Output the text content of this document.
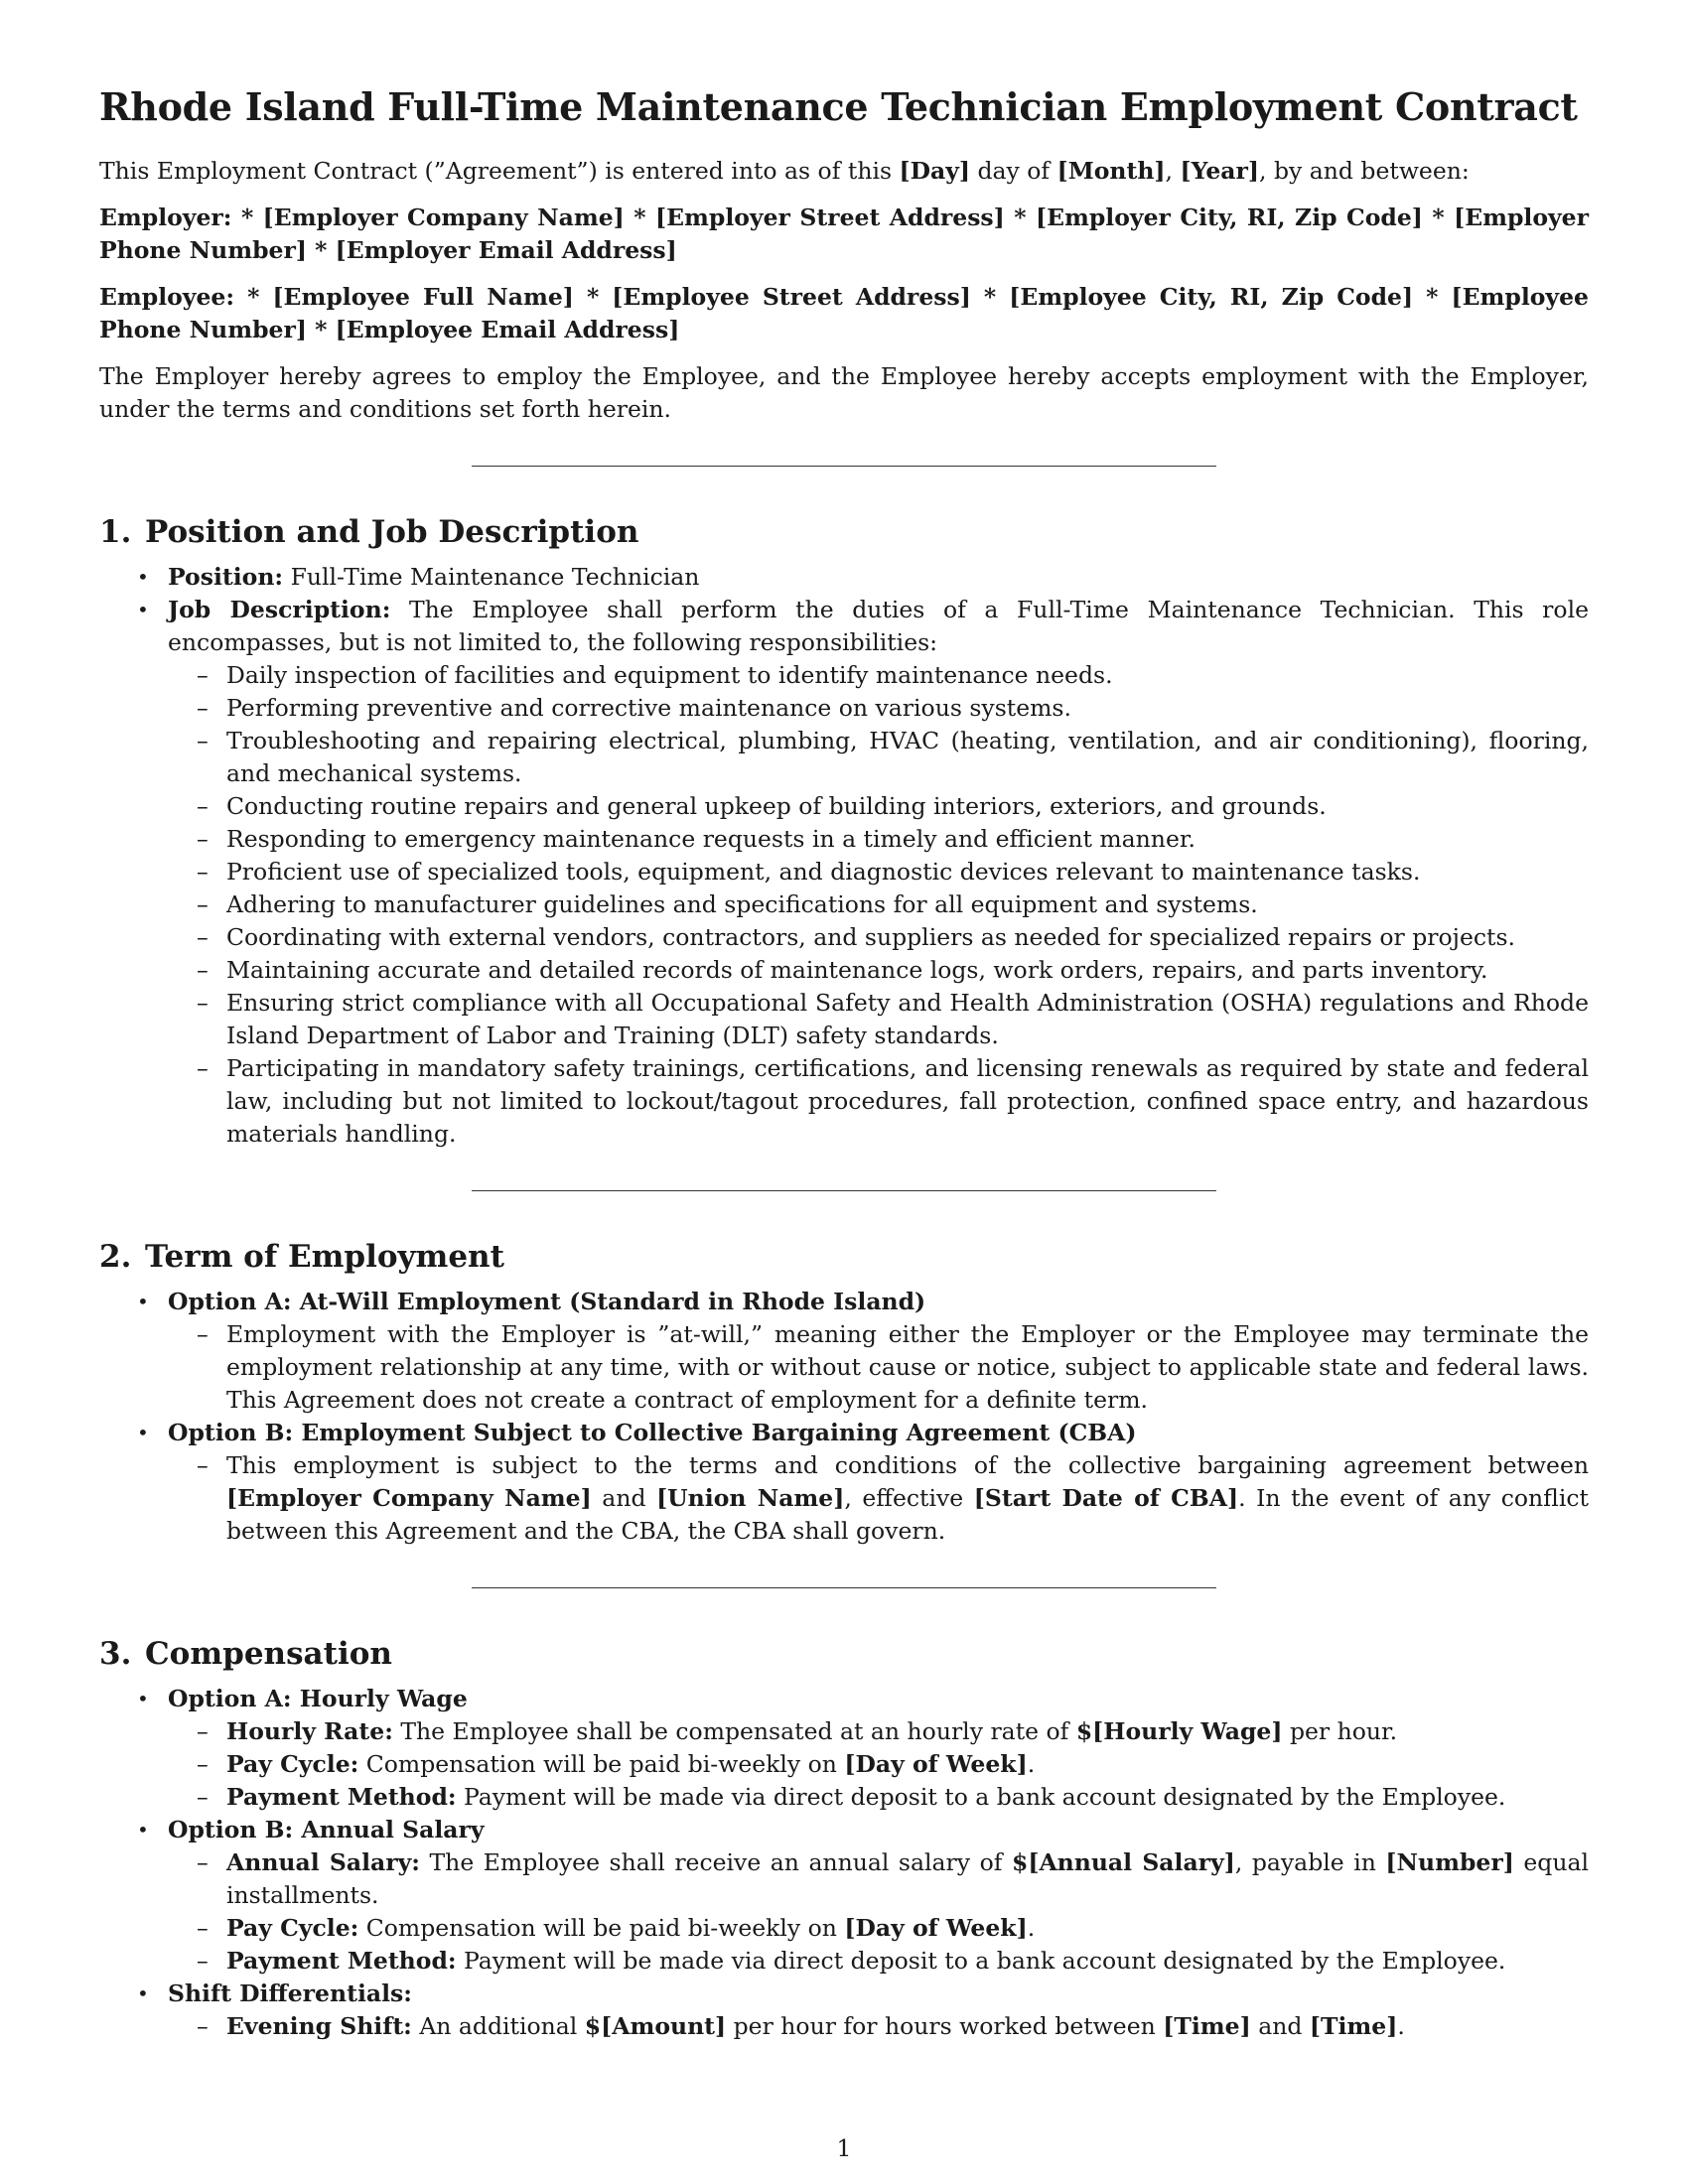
Rhode Island Full-Time Maintenance Technician Employment Contract

This Employment Contract (”Agreement”) is entered into as of this [Day] day of [Month], [Year], by and between:

Employer: * [Employer Company Name] * [Employer Street Address] * [Employer City, RI, Zip Code] * [Employer Phone Number] * [Employer Email Address]

Employee: * [Employee Full Name] * [Employee Street Address] * [Employee City, RI, Zip Code] * [Employee Phone Number] * [Employee Email Address]

The Employer hereby agrees to employ the Employee, and the Employee hereby accepts employment with the Employer, under the terms and conditions set forth herein.

1. Position and Job Description
• Position: Full-Time Maintenance Technician
• Job Description: The Employee shall perform the duties of a Full-Time Maintenance Technician. This role encompasses, but is not limited to, the following responsibilities:
– Daily inspection of facilities and equipment to identify maintenance needs.
– Performing preventive and corrective maintenance on various systems.
– Troubleshooting and repairing electrical, plumbing, HVAC (heating, ventilation, and air conditioning), flooring, and mechanical systems.
– Conducting routine repairs and general upkeep of building interiors, exteriors, and grounds.
– Responding to emergency maintenance requests in a timely and efficient manner.
– Proficient use of specialized tools, equipment, and diagnostic devices relevant to maintenance tasks.
– Adhering to manufacturer guidelines and specifications for all equipment and systems.
– Coordinating with external vendors, contractors, and suppliers as needed for specialized repairs or projects.
– Maintaining accurate and detailed records of maintenance logs, work orders, repairs, and parts inventory.
– Ensuring strict compliance with all Occupational Safety and Health Administration (OSHA) regulations and Rhode Island Department of Labor and Training (DLT) safety standards.
– Participating in mandatory safety trainings, certifications, and licensing renewals as required by state and federal law, including but not limited to lockout/tagout procedures, fall protection, confined space entry, and hazardous materials handling.
2. Term of Employment
• Option A: At-Will Employment (Standard in Rhode Island)
– Employment with the Employer is ”at-will,” meaning either the Employer or the Employee may terminate the employment relationship at any time, with or without cause or notice, subject to applicable state and federal laws. This Agreement does not create a contract of employment for a definite term.
• Option B: Employment Subject to Collective Bargaining Agreement (CBA)
– This employment is subject to the terms and conditions of the collective bargaining agreement between [Employer Company Name] and [Union Name], effective [Start Date of CBA]. In the event of any conflict between this Agreement and the CBA, the CBA shall govern.
3. Compensation
• Option A: Hourly Wage
– Hourly Rate: The Employee shall be compensated at an hourly rate of $[Hourly Wage] per hour.
– Pay Cycle: Compensation will be paid bi-weekly on [Day of Week].
– Payment Method: Payment will be made via direct deposit to a bank account designated by the Employee.
• Option B: Annual Salary
– Annual Salary: The Employee shall receive an annual salary of $[Annual Salary], payable in [Number] equal installments.
– Pay Cycle: Compensation will be paid bi-weekly on [Day of Week].
– Payment Method: Payment will be made via direct deposit to a bank account designated by the Employee.
• Shift Differentials:
– Evening Shift: An additional $[Amount] per hour for hours worked between [Time] and [Time].
1
